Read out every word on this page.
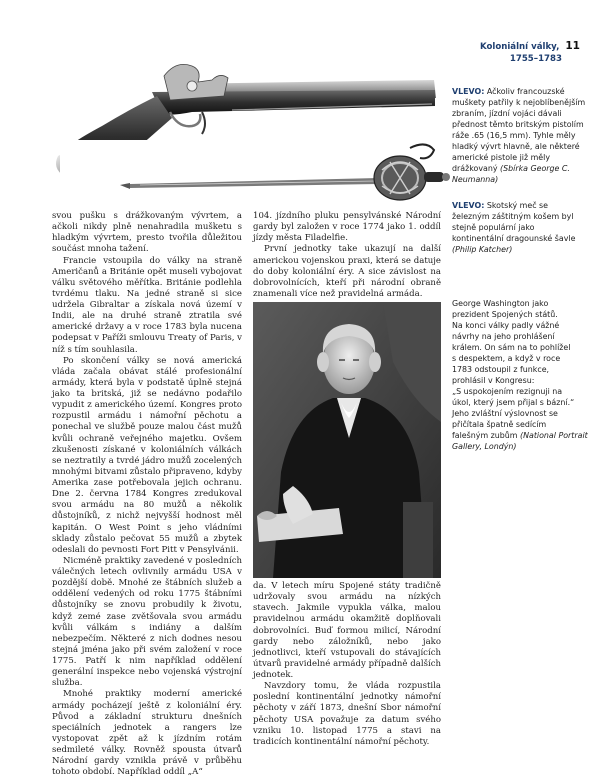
Koloniální války, 11
1755–1783
VLEVO: Ačkoliv francouzské muškety patřily k nejoblíbenějším zbraním, jízdní vojáci dávali přednost těmto britským pistolím ráže .65 (16,5 mm). Tyhle měly hladký vývrt hlavně, ale některé americké pistole již měly drážkovaný (Sbírka George C. Neumanna)
VLEVO: Skotský meč se železným záštitným košem byl stejně populární jako kontinentální dragounské šavle (Philip Katcher)
George Washington jako
prezident Spojených států.
Na konci války padly vážné
návrhy na jeho prohlášení
králem. On sám na to pohlížel
s despektem, a když v roce
1783 odstoupil z funkce,
prohlásil v Kongresu:
„S uspokojením rezignuji na
úkol, který jsem přijal s bázní.“
Jeho zvláštní výslovnost se
přičítala špatně sedícím
falešným zubům (National Portrait Gallery, Londýn)

svou pušku s drážkovaným vývrtem, a ačkoli nikdy plně nenahradila mušketu s hladkým vývrtem, presto tvořila důležitou součást mnoha tažení.

Francie vstoupila do války na straně Američanů a Británie opět museli vybojovat válku světového měřítka. Británie podlehla tvrdému tlaku. Na jedné straně si sice udržela Gibraltar a získala nová území v Indii, ale na druhé straně ztratila své americké državy a v roce 1783 byla nucena podepsat v Paříži smlouvu Treaty of Paris, v níž s tím souhlasila.

Po skončení války se nová americká vláda začala obávat stálé profesionální armády, která byla v podstatě úplně stejná jako ta britská, již se nedávno podařilo vypudit z amerického území. Kongres proto rozpustil armádu i námořní pěchotu a ponechal ve službě pouze malou část mužů kvůli ochraně veřejného majetku. Ovšem zkušenosti získané v koloniálních válkách se neztratily a tvrdé jádro mužů zocelených mnohými bitvami zůstalo připraveno, kdyby Amerika zase potřebovala jejich ochranu. Dne 2. června 1784 Kongres zredukoval svou armádu na 80 mužů a několik důstojníků, z nichž nejvyšší hodnost měl kapitán. O West Point s jeho vládními sklady zůstalo pečovat 55 mužů a zbytek odeslali do pevnosti Fort Pitt v Pensylvánii.

Nicméně praktiky zavedené v posledních válečných letech ovlivnily armádu USA v pozdější době. Mnohé ze štábních služeb a oddělení vedených od roku 1775 štábními důstojníky se znovu probudily k životu, když zemé zase zvětšovala svou armádu kvůli válkám s indiány a dalším nebezpečím. Některé z nich dodnes nesou stejná jména jako při svém založení v roce 1775. Patří k nim například oddělení generální inspekce nebo vojenská výstrojní služba.

Mnohé praktiky moderní americké armády pocházejí ještě z koloniální éry. Původ a základní strukturu dnešních speciálních jednotek a rangers lze vystopovat zpět až k jízdním rotám sedmileté války. Rovněž spousta útvarů Národní gardy vznikla právě v průběhu tohoto období. Například oddíl „A“

104. jízdního pluku pensylvánské Národní gardy byl založen v roce 1774 jako 1. oddíl jízdy města Filadelfie.

První jednotky take ukazují na další americkou vojenskou praxi, která se datuje do doby koloniální éry. A sice závislost na dobrovolnících, kteří při národní obraně znamenali více než pravidelná armáda.

da. V letech míru Spojené státy tradičně udržovaly svou armádu na nízkých stavech. Jakmile vypukla válka, malou pravidelnou armádu okamžitě doplňovali dobrovolníci. Buď formou milicí, Národní gardy nebo záložníků, nebo jako jednotlivci, kteří vstupovali do stávajících útvarů pravidelné armády případně dalších jednotek.

Navzdory tomu, že vláda rozpustila poslední kontinentální jednotky námořní pěchoty v září 1873, dnešní Sbor námořní pěchoty USA považuje za datum svého vzniku 10. listopad 1775 a stavi na tradicích kontinentální námořní pěchoty.
